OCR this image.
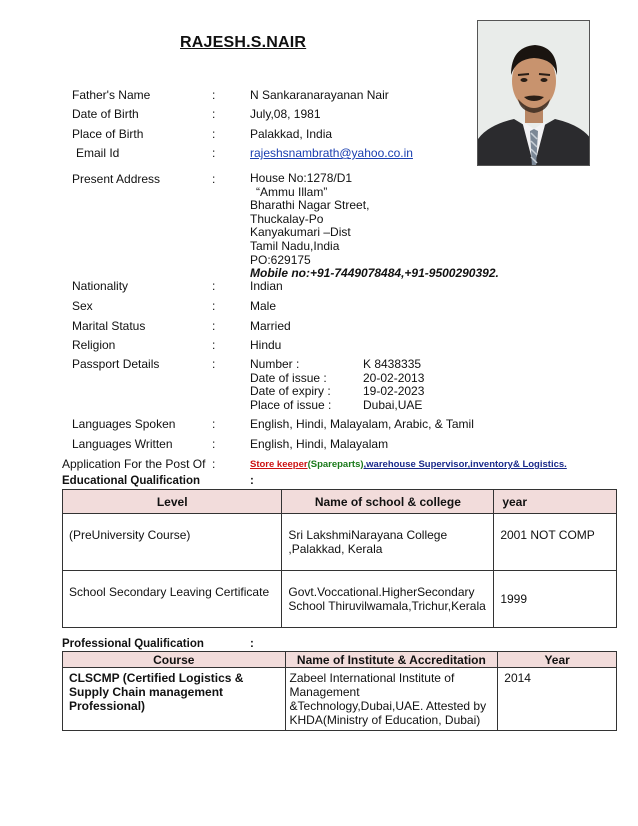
RAJESH.S.NAIR
Father's Name	:	N Sankaranarayanan Nair
Date of Birth	:	July,08, 1981
Place of Birth	:	Palakkad, India
Email Id	:	rajeshsnambrath@yahoo.co.in
Present Address	:	House No:1278/D1
“Ammu Illam”
Bharathi Nagar Street,
Thuckalay-Po
Kanyakumari –Dist
Tamil Nadu,India
PO:629175
Mobile no:+91-7449078484,+91-9500290392.
Nationality	:	Indian
Sex	:	Male
Marital Status	:	Married
Religion	:	Hindu
Passport Details	:	Number :	K 8438335
Date of issue :	20-02-2013
Date of expiry :	19-02-2023
Place of issue :	Dubai,UAE
Languages Spoken	:	English, Hindi, Malayalam, Arabic, & Tamil
Languages Written	:	English, Hindi, Malayalam
Application For the Post Of :	Store keeper(Spareparts),warehouse Supervisor,inventory& Logistics.
Educational Qualification	:
Level	Name of school & college	year
(PreUniversity Course)	Sri LakshmiNarayana College ,Palakkad, Kerala	2001 NOT COMP
School Secondary Leaving Certificate	Govt.Voccational.HigherSecondary School Thiruvilwamala,Trichur,Kerala	1999
Professional Qualification	:
Course	Name of Institute & Accreditation	Year
CLSCMP (Certified Logistics & Supply Chain management Professional)	Zabeel International Institute of Management &Technology,Dubai,UAE. Attested by KHDA(Ministry of Education, Dubai)	2014
